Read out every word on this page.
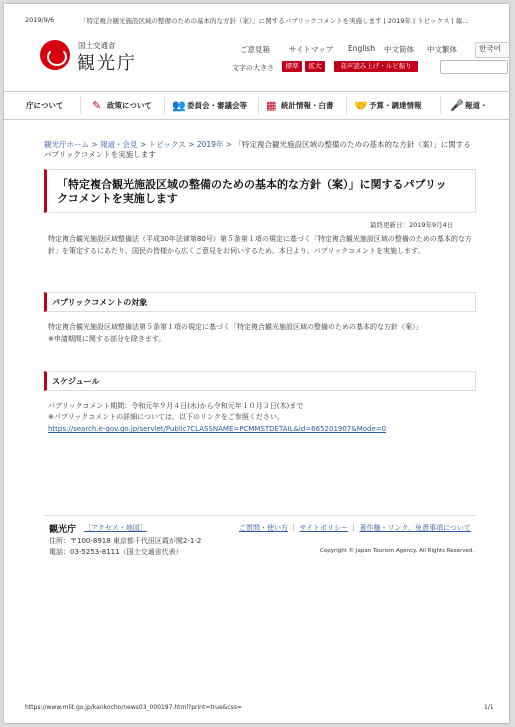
2019/9/6	「特定複合観光施設区域の整備のための基本的な方針（案）」に関するパブリックコメントを実施します | 2019年 | トピックス | 報…
国土交通省
観光庁
ご意見箱	サイトマップ English 中文简体 中文繁体	한국어
文字の大きさ	標準	拡大	音声読み上げ・ルビ振り
庁について	✎ 政策について 👥 委員会・審議会等 ▦ 統計情報・白書 🤝 予算・調達情報	🎤 報道・
観光庁ホーム > 報道・会見 > トピックス > 2019年 > 「特定複合観光施設区域の整備のための基本的な方針（案）」に関するパブリックコメントを実施します
「特定複合観光施設区域の整備のための基本的な方針（案）」に関するパブリックコメントを実施します
最終更新日：2019年9月4日
特定複合観光施設区域整備法（平成30年法律第80号）第５条第１項の規定に基づく「特定複合観光施設区域の整備のための基本的な方針」を策定するにあたり、国民の皆様から広くご意見をお伺いするため、本日より、パブリックコメントを実施します。
パブリックコメントの対象
特定複合観光施設区域整備法第５条第１項の規定に基づく「特定複合観光施設区域の整備のための基本的な方針（案）」
※申請期間に関する部分を除きます。
スケジュール
パブリックコメント期間：令和元年９月４日(水)から令和元年１０月３日(木)まで
※パブリックコメントの詳細については、以下のリンクをご参照ください。
https://search.e-gov.go.jp/servlet/Public?CLASSNAME=PCMMSTDETAIL&id=665201907&Mode=0
観光庁 ［アクセス・地図］
住所：〒100-8918 東京都千代田区霞が関2-1-2
電話：03-5253-8111（国土交通省代表）
ご質問・使い方 ｜ サイトポリシー ｜ 著作権・リンク、免責事項について
Copyright © Japan Tourism Agency. All Rights Reserved.
https://www.mlit.go.jp/kankocho/news03_000197.html?print=true&css=	1/1
